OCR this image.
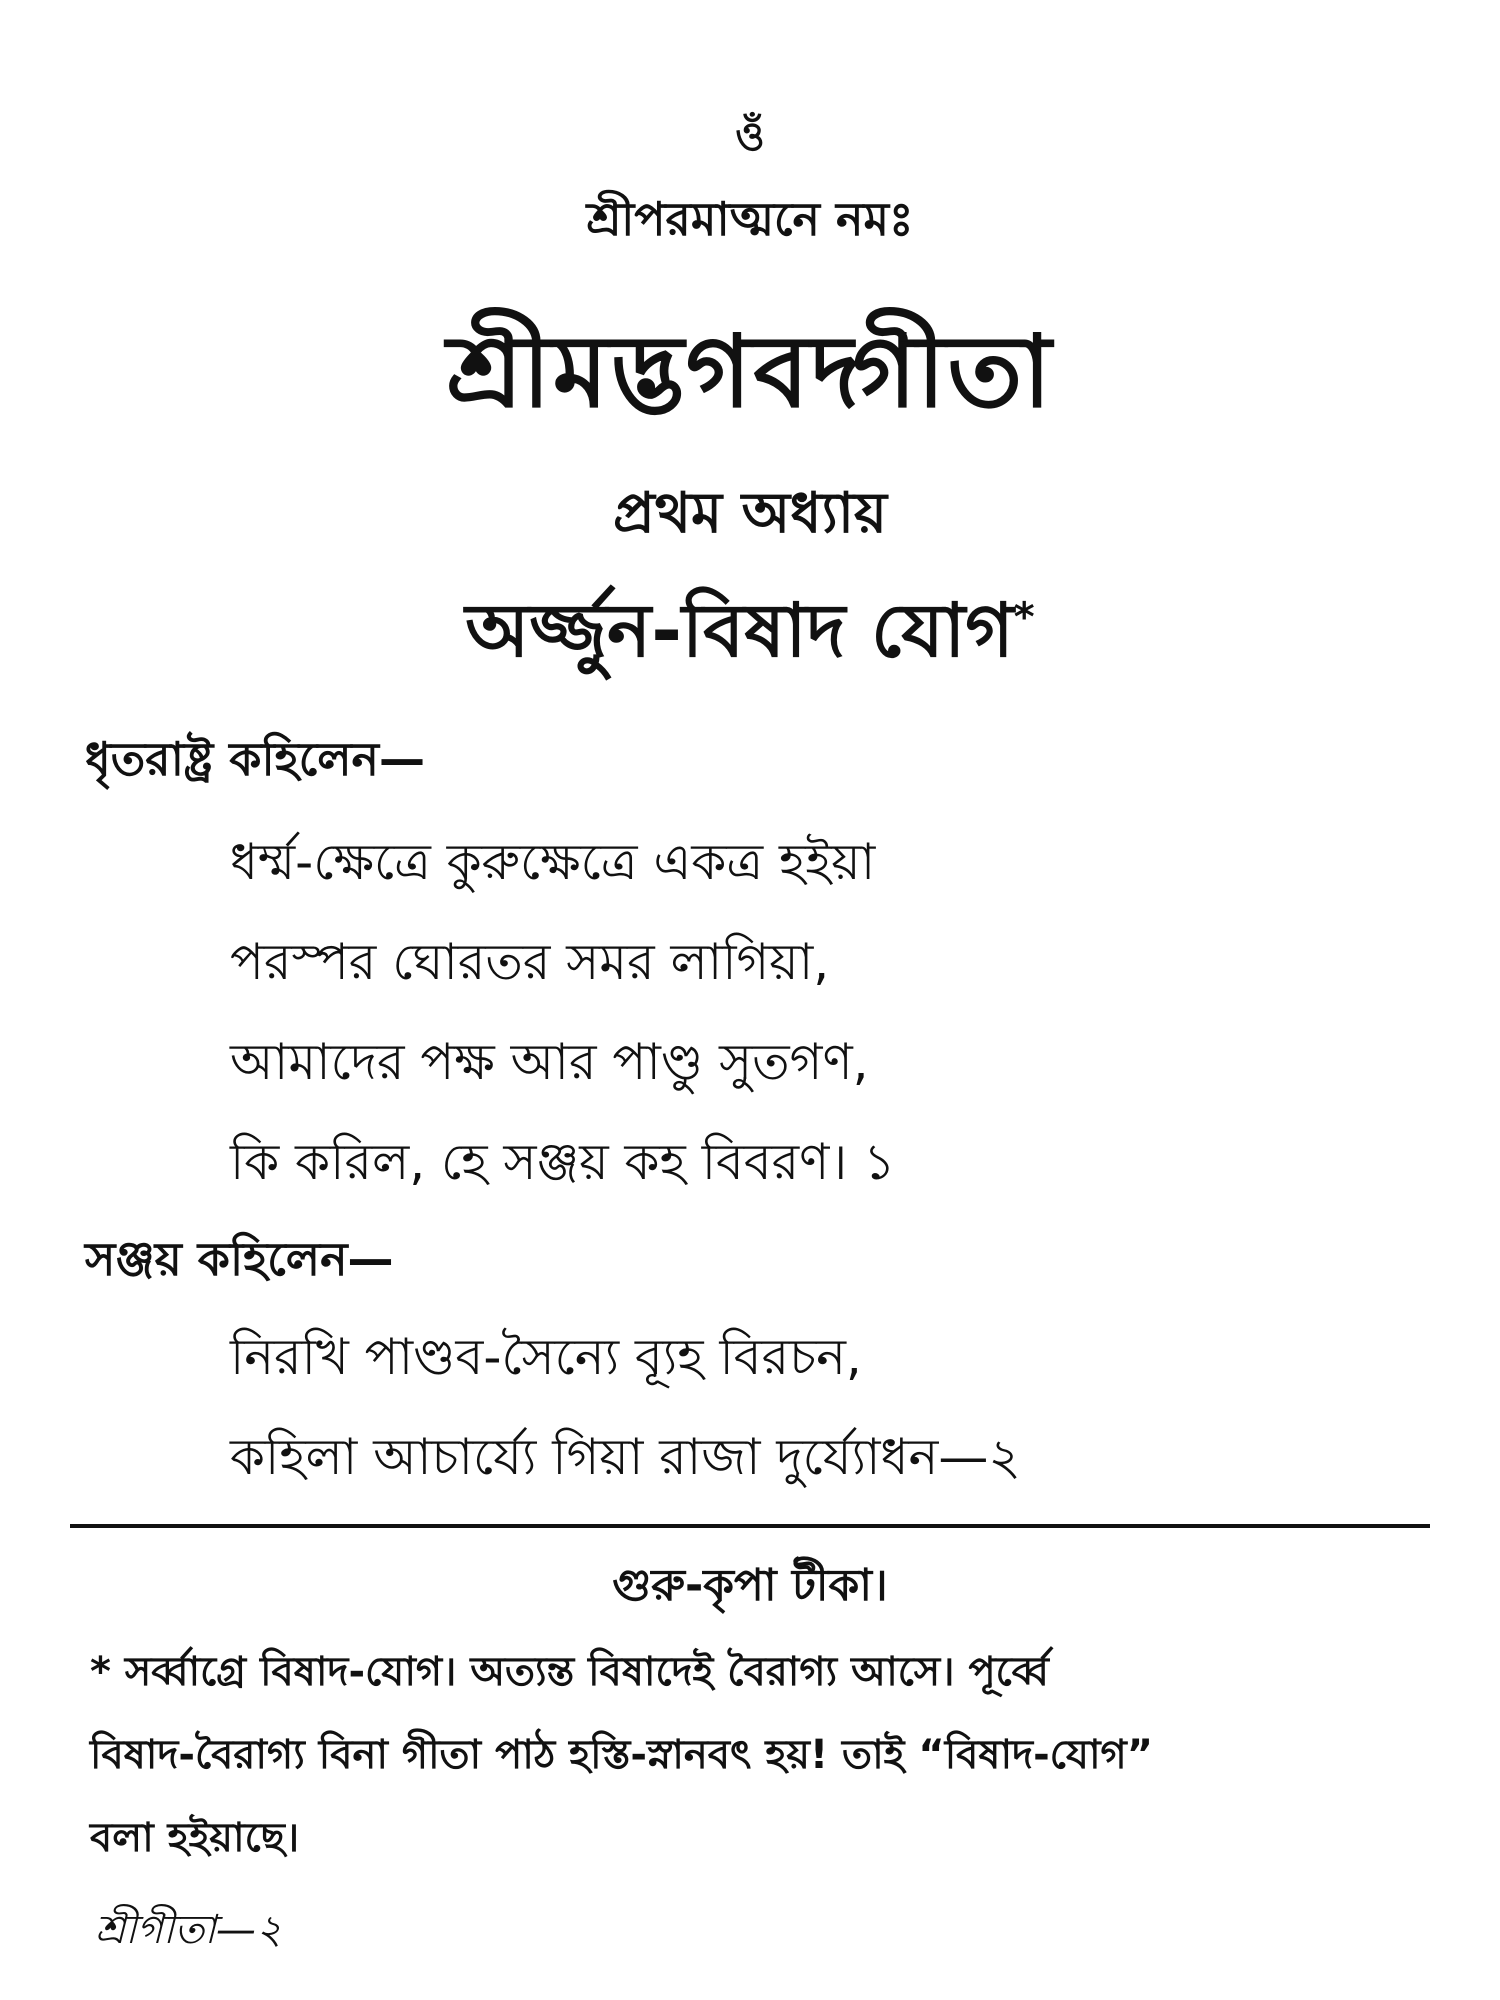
ওঁ
শ্রীপরমাত্মনে নমঃ
শ্রীমদ্ভগবদ্গীতা
প্রথম অধ্যায়
অর্জ্জুন-বিষাদ যোগ*
ধৃতরাষ্ট্র কহিলেন—
ধর্ম্ম-ক্ষেত্রে কুরুক্ষেত্রে একত্র হইয়া
পরস্পর ঘোরতর সমর লাগিয়া,
আমাদের পক্ষ আর পাণ্ডু সুতগণ,
কি করিল, হে সঞ্জয় কহ বিবরণ। ১
সঞ্জয় কহিলেন—
নিরখি পাণ্ডব-সৈন্যে ব্যূহ বিরচন,
কহিলা আচার্য্যে গিয়া রাজা দুর্য্যোধন—২
গুরু-কৃপা টীকা।
* সর্ব্বাগ্রে বিষাদ-যোগ। অত্যন্ত বিষাদেই বৈরাগ্য আসে। পূর্ব্বে
বিষাদ-বৈরাগ্য বিনা গীতা পাঠ হস্তি-স্নানবৎ হয়! তাই “বিষাদ-যোগ”
বলা হইয়াছে।
শ্রীগীতা—২
